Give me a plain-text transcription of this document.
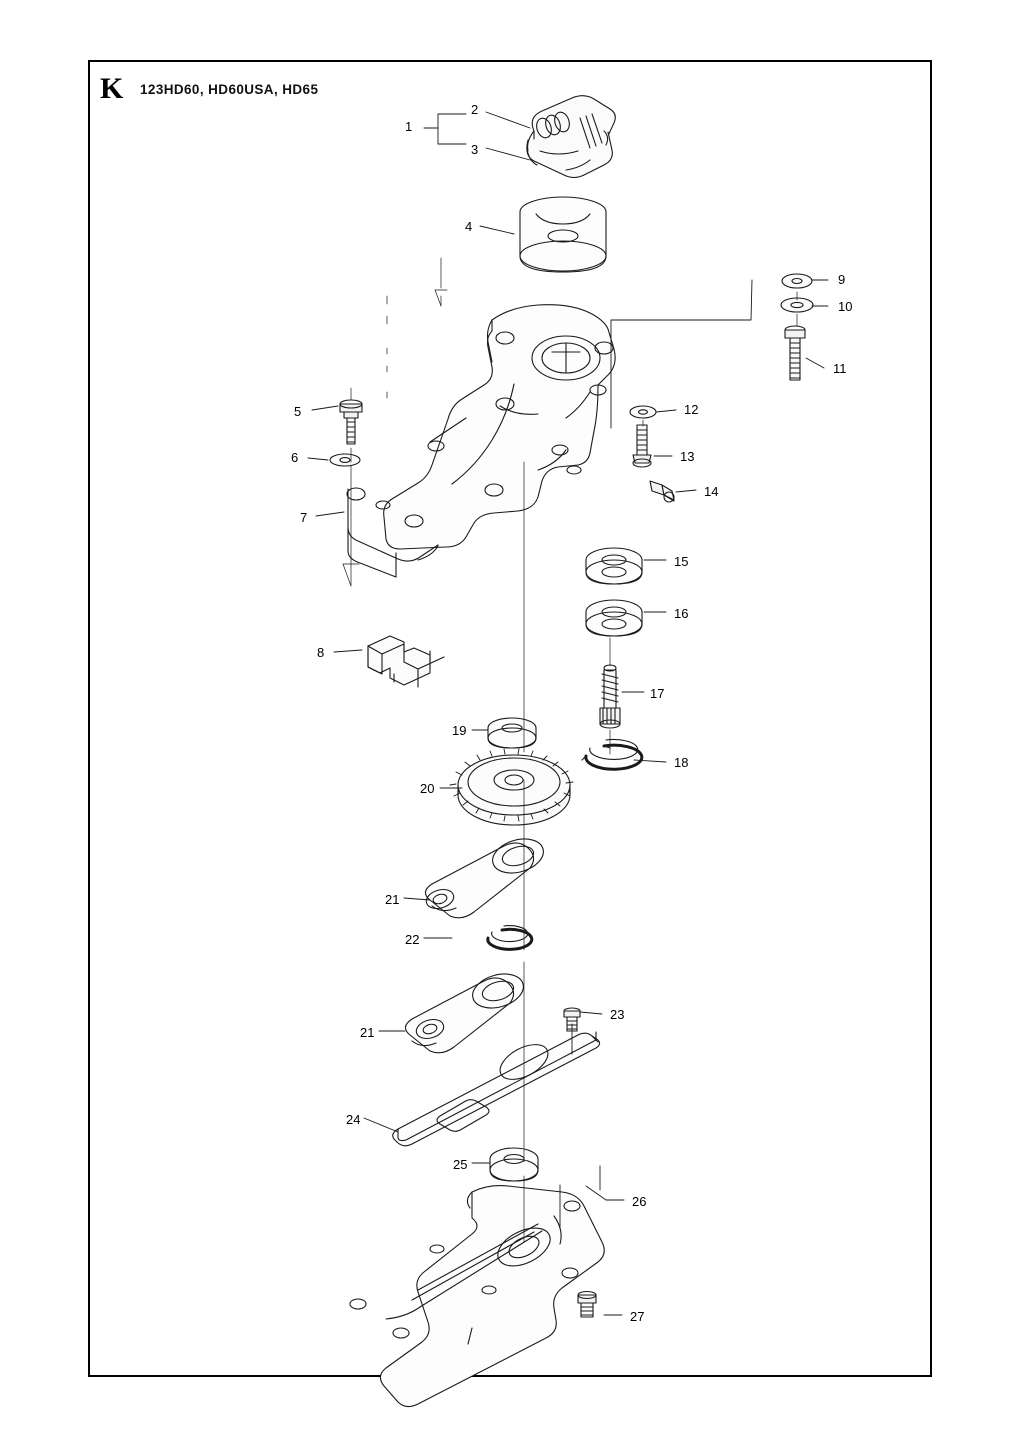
K 123HD60, HD60USA, HD65
1
2
3
4
5
6
7
8
9
10
11
12
13
14
15
16
17
18
19
20
21
22
23
21
24
25
26
27
